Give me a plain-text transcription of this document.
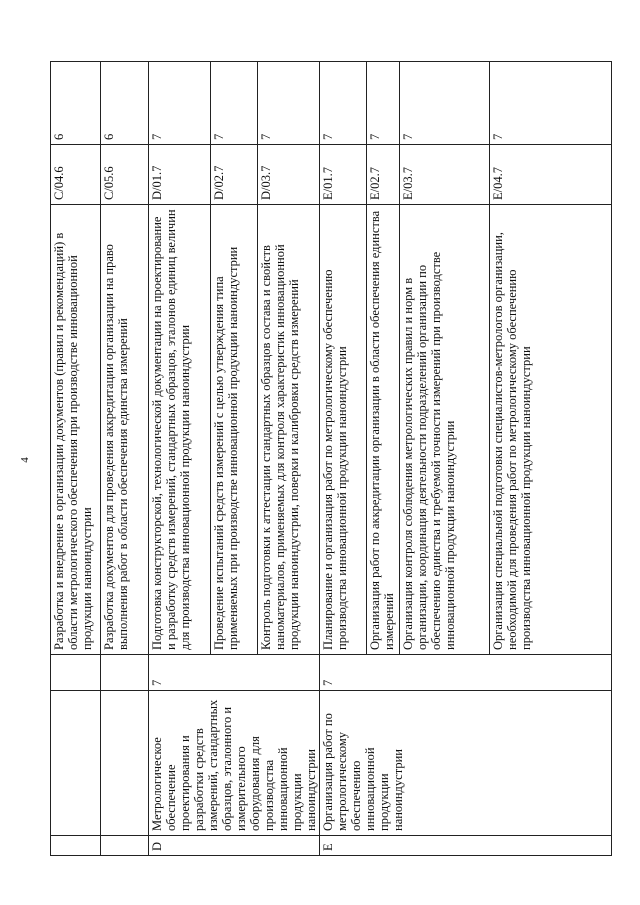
4
			Разработка и внедрение в организации документов (правил и рекомендаций) в области метрологического обеспечения при производстве инновационной продукции наноиндустрии	C/04.6	6
			Разработка документов для проведения аккредитации организации на право выполнения работ в области обеспечения единства измерений	C/05.6	6
D	Метрологическое обеспечение проектирования и разработки средств измерений, стандартных образцов, эталонного и измерительного оборудования для производства инновационной продукции наноиндустрии	7	Подготовка конструкторской, технологической документации на проектирование и разработку средств измерений, стандартных образцов, эталонов единиц величин для производства инновационной продукции наноиндустрии	D/01.7	7
			Проведение испытаний средств измерений с целью утверждения типа применяемых при производстве инновационной продукции наноиндустрии	D/02.7	7
			Контроль подготовки к аттестации стандартных образцов состава и свойств наноматериалов, применяемых для контроля характеристик инновационной продукции наноиндустрии, поверки и калибровки средств измерений	D/03.7	7
E	Организация работ по метрологическому обеспечению инновационной продукции наноиндустрии	7	Планирование и организация работ по метрологическому обеспечению производства инновационной продукции наноиндустрии	E/01.7	7
			Организация работ по аккредитации организации в области обеспечения единства измерений	E/02.7	7
			Организация контроля соблюдения метрологических правил и норм в организации, координация деятельности подразделений организации по обеспечению единства и требуемой точности измерений при производстве инновационной продукции наноиндустрии	E/03.7	7
			Организация специальной подготовки специалистов-метрологов организации, необходимой для проведения работ по метрологическому обеспечению производства инновационной продукции наноиндустрии	E/04.7	7
